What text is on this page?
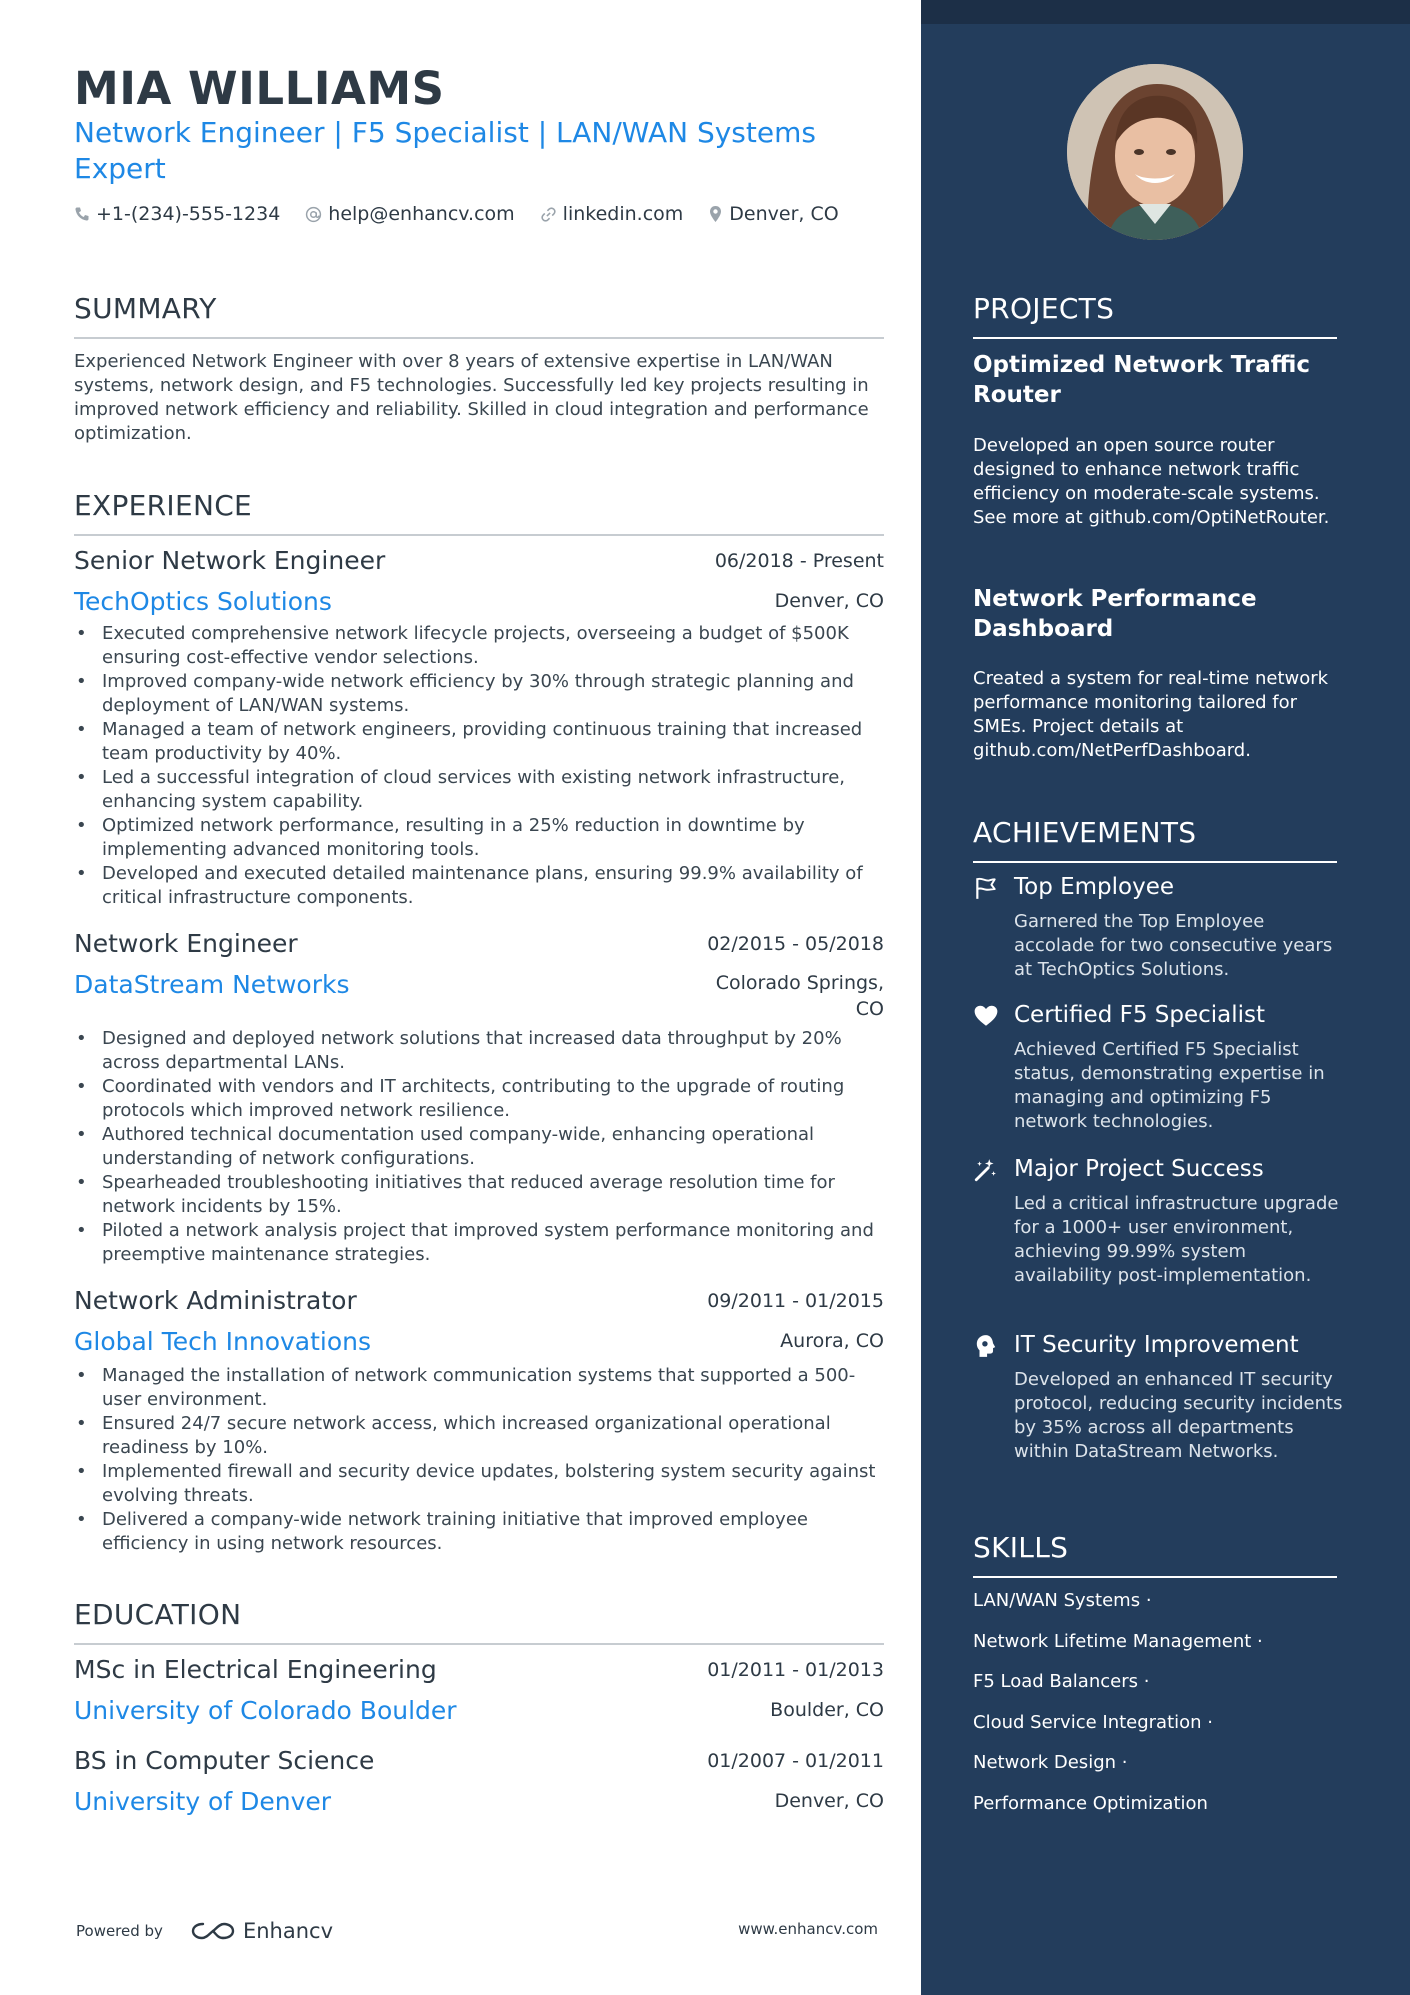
MIA WILLIAMS
Network Engineer | F5 Specialist | LAN/WAN Systems Expert
+1-(234)-555-1234	help@enhancv.com	linkedin.com Denver, CO
SUMMARY
Experienced Network Engineer with over 8 years of extensive expertise in LAN/WAN systems, network design, and F5 technologies. Successfully led key projects resulting in improved network efficiency and reliability. Skilled in cloud integration and performance optimization.
EXPERIENCE
Senior Network Engineer	06/2018 - Present
TechOptics Solutions	Denver, CO
• Executed comprehensive network lifecycle projects, overseeing a budget of $500K ensuring cost-effective vendor selections.
• Improved company-wide network efficiency by 30% through strategic planning and deployment of LAN/WAN systems.
• Managed a team of network engineers, providing continuous training that increased team productivity by 40%.
• Led a successful integration of cloud services with existing network infrastructure, enhancing system capability.
• Optimized network performance, resulting in a 25% reduction in downtime by implementing advanced monitoring tools.
• Developed and executed detailed maintenance plans, ensuring 99.9% availability of critical infrastructure components.
Network Engineer	02/2015 - 05/2018
DataStream Networks	Colorado Springs, CO
• Designed and deployed network solutions that increased data throughput by 20% across departmental LANs.
• Coordinated with vendors and IT architects, contributing to the upgrade of routing protocols which improved network resilience.
• Authored technical documentation used company-wide, enhancing operational understanding of network configurations.
• Spearheaded troubleshooting initiatives that reduced average resolution time for network incidents by 15%.
• Piloted a network analysis project that improved system performance monitoring and preemptive maintenance strategies.
Network Administrator	09/2011 - 01/2015
Global Tech Innovations	Aurora, CO
• Managed the installation of network communication systems that supported a 500-user environment.
• Ensured 24/7 secure network access, which increased organizational operational readiness by 10%.
• Implemented firewall and security device updates, bolstering system security against evolving threats.
• Delivered a company-wide network training initiative that improved employee efficiency in using network resources.
EDUCATION
MSc in Electrical Engineering	01/2011 - 01/2013
University of Colorado Boulder	Boulder, CO
BS in Computer Science	01/2007 - 01/2011
University of Denver	Denver, CO
Powered by	Enhancv	www.enhancv.com
PROJECTS
Optimized Network Traffic Router
Developed an open source router designed to enhance network traffic efficiency on moderate-scale systems. See more at github.com/OptiNetRouter.
Network Performance Dashboard
Created a system for real-time network performance monitoring tailored for SMEs. Project details at github.com/NetPerfDashboard.
ACHIEVEMENTS
Top Employee
Garnered the Top Employee accolade for two consecutive years at TechOptics Solutions.
Certified F5 Specialist
Achieved Certified F5 Specialist status, demonstrating expertise in managing and optimizing F5 network technologies.
Major Project Success
Led a critical infrastructure upgrade for a 1000+ user environment, achieving 99.99% system availability post-implementation.
IT Security Improvement
Developed an enhanced IT security protocol, reducing security incidents by 35% across all departments within DataStream Networks.
SKILLS
LAN/WAN Systems ·
Network Lifetime Management ·
F5 Load Balancers ·
Cloud Service Integration ·
Network Design ·
Performance Optimization
